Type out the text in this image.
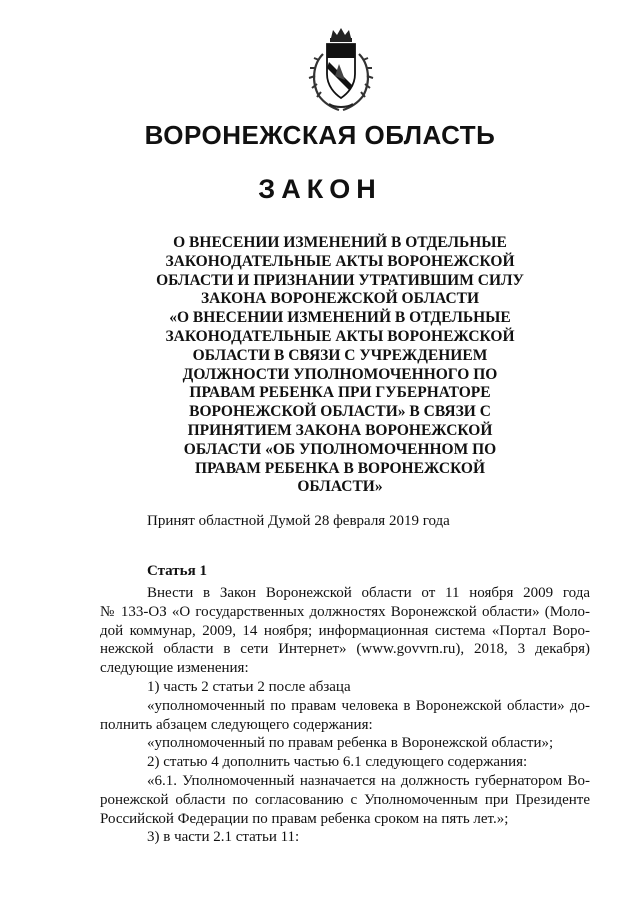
ВОРОНЕЖСКАЯ ОБЛАСТЬ
ЗАКОН
О ВНЕСЕНИИ ИЗМЕНЕНИЙ В ОТДЕЛЬНЫЕ
ЗАКОНОДАТЕЛЬНЫЕ АКТЫ ВОРОНЕЖСКОЙ
ОБЛАСТИ И ПРИЗНАНИИ УТРАТИВШИМ СИЛУ
ЗАКОНА ВОРОНЕЖСКОЙ ОБЛАСТИ
«О ВНЕСЕНИИ ИЗМЕНЕНИЙ В ОТДЕЛЬНЫЕ
ЗАКОНОДАТЕЛЬНЫЕ АКТЫ ВОРОНЕЖСКОЙ
ОБЛАСТИ В СВЯЗИ С УЧРЕЖДЕНИЕМ
ДОЛЖНОСТИ УПОЛНОМОЧЕННОГО ПО
ПРАВАМ РЕБЕНКА ПРИ ГУБЕРНАТОРЕ
ВОРОНЕЖСКОЙ ОБЛАСТИ» В СВЯЗИ С
ПРИНЯТИЕМ ЗАКОНА ВОРОНЕЖСКОЙ
ОБЛАСТИ «ОБ УПОЛНОМОЧЕННОМ ПО
ПРАВАМ РЕБЕНКА В ВОРОНЕЖСКОЙ
ОБЛАСТИ»
Принят областной Думой 28 февраля 2019 года
Статья 1
Внести в Закон Воронежской области от 11 ноября 2009 года
№ 133-ОЗ «О государственных должностях Воронежской области» (Моло-
дой коммунар, 2009, 14 ноября; информационная система «Портал Воро-
нежской области в сети Интернет» (www.govvrn.ru), 2018, 3 декабря)
следующие изменения:
1) часть 2 статьи 2 после абзаца
«уполномоченный по правам человека в Воронежской области» до-
полнить абзацем следующего содержания:
«уполномоченный по правам ребенка в Воронежской области»;
2) статью 4 дополнить частью 6.1 следующего содержания:
«6.1. Уполномоченный назначается на должность губернатором Во-
ронежской области по согласованию с Уполномоченным при Президенте
Российской Федерации по правам ребенка сроком на пять лет.»;
3) в части 2.1 статьи 11:
